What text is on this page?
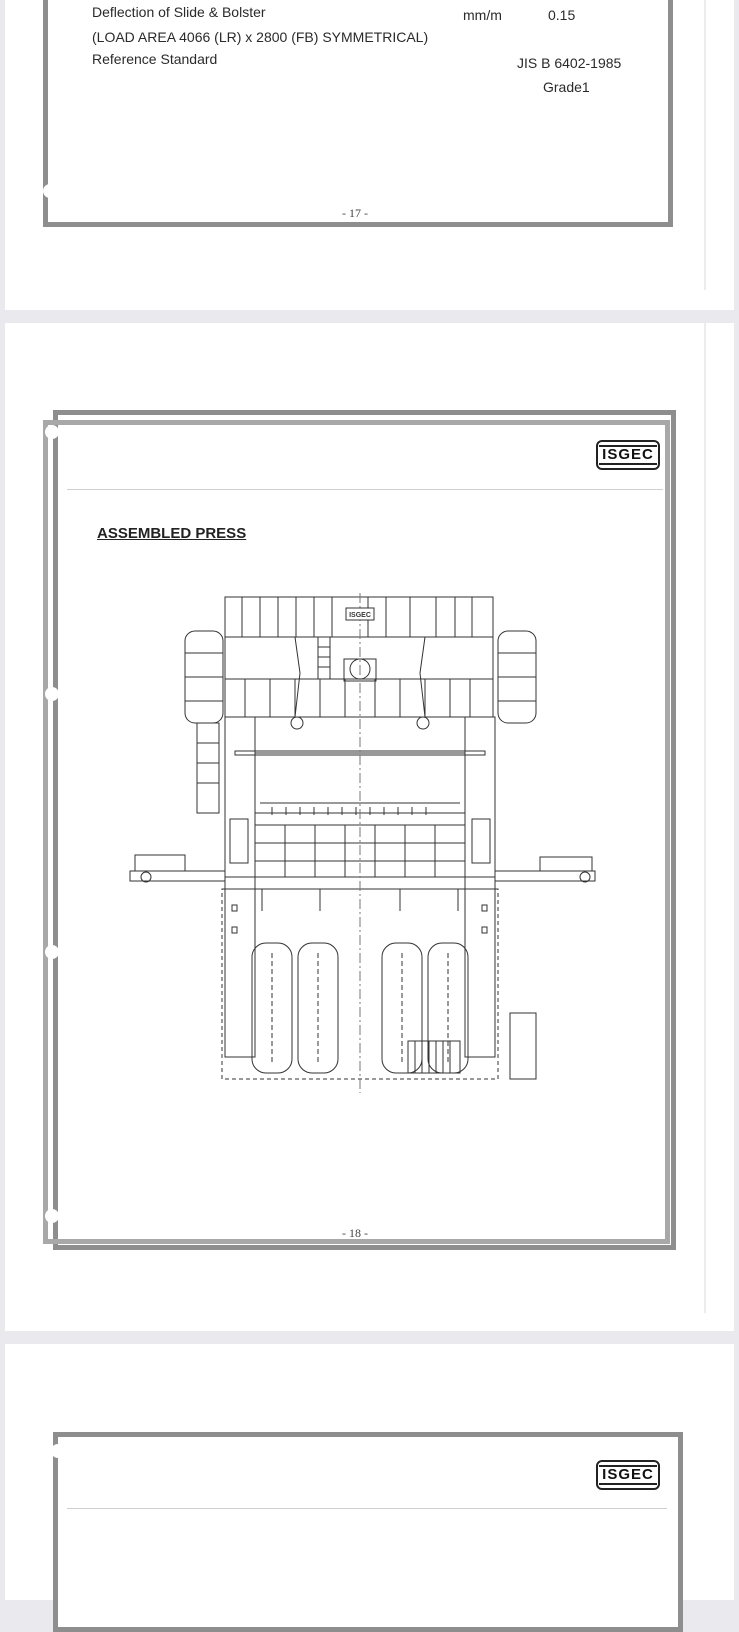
Deflection of Slide & Bolster	mm/m	0.15
(LOAD AREA 4066 (LR) x 2800 (FB) SYMMETRICAL)
Reference Standard	JIS B 6402-1985
Grade1
- 17 -
ISGEC
ASSEMBLED PRESS
ISGEC
- 18 -
ISGEC
